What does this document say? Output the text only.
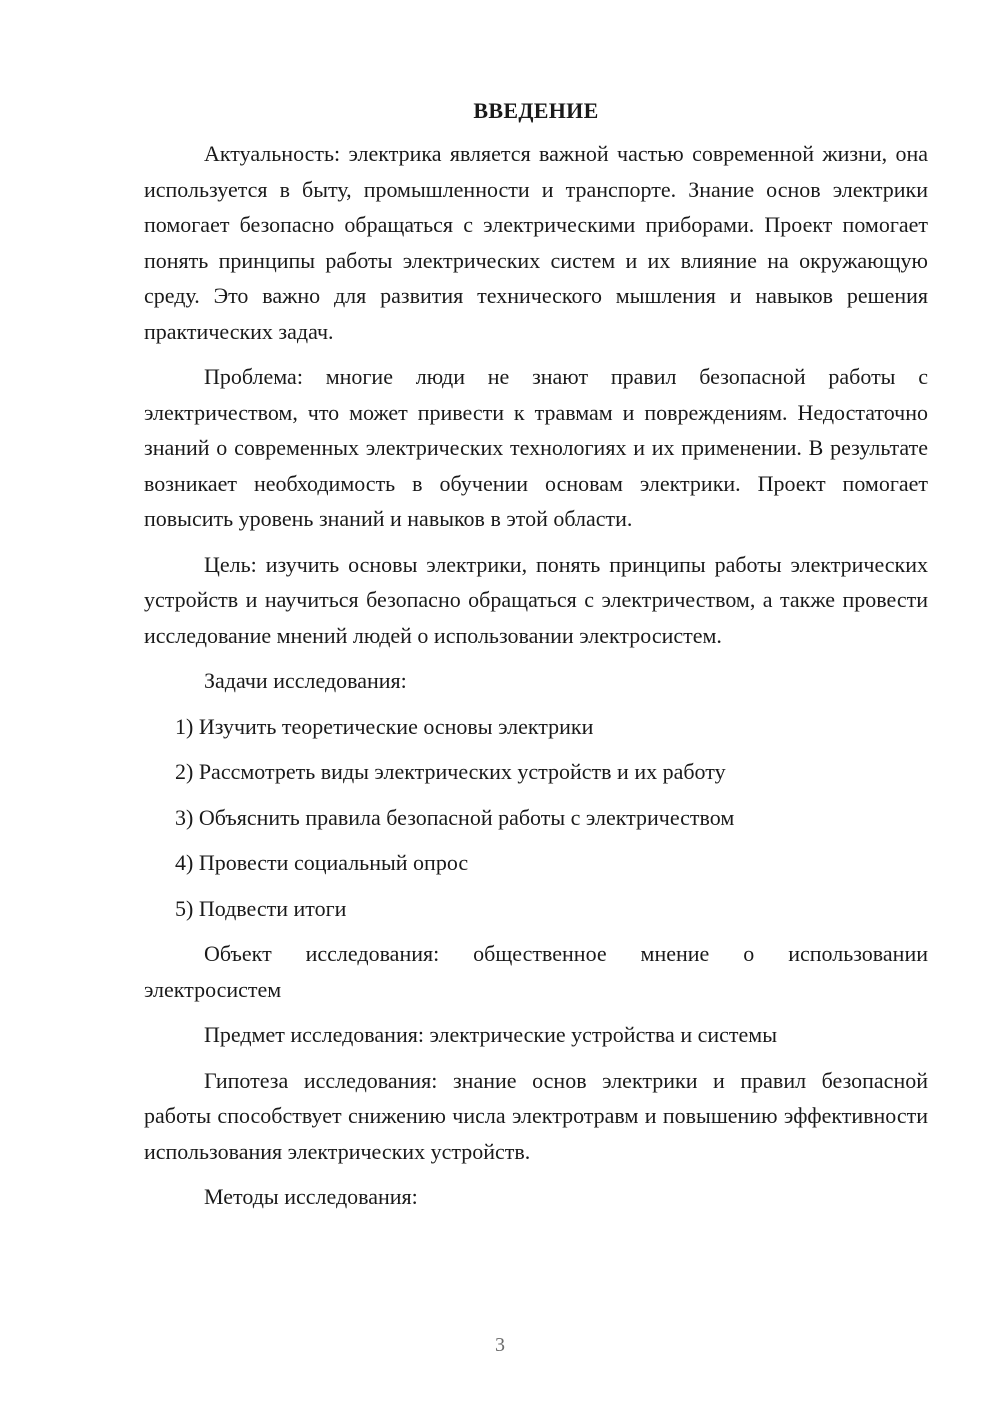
ВВЕДЕНИЕ

Актуальность: электрика является важной частью современной жизни, она используется в быту, промышленности и транспорте. Знание основ электрики помогает безопасно обращаться с электрическими приборами. Проект помогает понять принципы работы электрических систем и их влияние на окружающую среду. Это важно для развития технического мышления и навыков решения практических задач.

Проблема: многие люди не знают правил безопасной работы с электричеством, что может привести к травмам и повреждениям. Недостаточно знаний о современных электрических технологиях и их применении. В результате возникает необходимость в обучении основам электрики. Проект помогает повысить уровень знаний и навыков в этой области.

Цель: изучить основы электрики, понять принципы работы электрических устройств и научиться безопасно обращаться с электричеством, а также провести исследование мнений людей о использовании электросистем.

Задачи исследования:

1) Изучить теоретические основы электрики
2) Рассмотреть виды электрических устройств и их работу
3) Объяснить правила безопасной работы с электричеством
4) Провести социальный опрос
5) Подвести итоги

Объект исследования: общественное мнение о использовании электросистем

Предмет исследования: электрические устройства и системы

Гипотеза исследования: знание основ электрики и правил безопасной работы способствует снижению числа электротравм и повышению эффективности использования электрических устройств.

Методы исследования:

3
